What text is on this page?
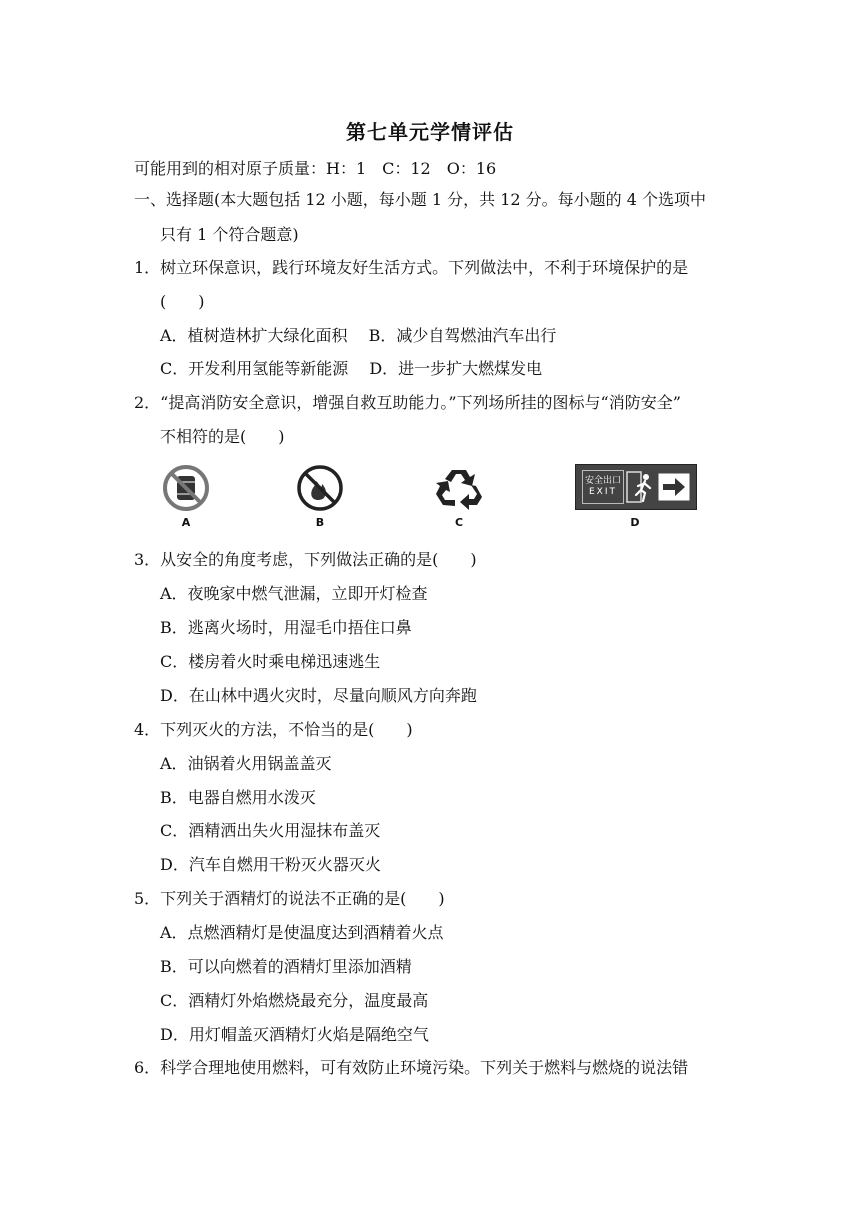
第七单元学情评估
可能用到的相对原子质量：H：1　C：12　O：16
一、选择题(本大题包括 12 小题，每小题 1 分，共 12 分。每小题的 4 个选项中
只有 1 个符合题意)
1．树立环保意识，践行环境友好生活方式。下列做法中，不利于环境保护的是
(　　)
A．植树造林扩大绿化面积　 B．减少自驾燃油汽车出行
C．开发利用氢能等新能源　 D．进一步扩大燃煤发电
2．“提高消防安全意识，增强自救互助能力。”下列场所挂的图标与“消防安全”
不相符的是(　　)
A	B	C
安全出口
EXIT
D
3．从安全的角度考虑，下列做法正确的是(　　)
A．夜晚家中燃气泄漏，立即开灯检查
B．逃离火场时，用湿毛巾捂住口鼻
C．楼房着火时乘电梯迅速逃生
D．在山林中遇火灾时，尽量向顺风方向奔跑
4．下列灭火的方法，不恰当的是(　　)
A．油锅着火用锅盖盖灭
B．电器自燃用水泼灭
C．酒精洒出失火用湿抹布盖灭
D．汽车自燃用干粉灭火器灭火
5．下列关于酒精灯的说法不正确的是(　　)
A．点燃酒精灯是使温度达到酒精着火点
B．可以向燃着的酒精灯里添加酒精
C．酒精灯外焰燃烧最充分，温度最高
D．用灯帽盖灭酒精灯火焰是隔绝空气
6．科学合理地使用燃料，可有效防止环境污染。下列关于燃料与燃烧的说法错
